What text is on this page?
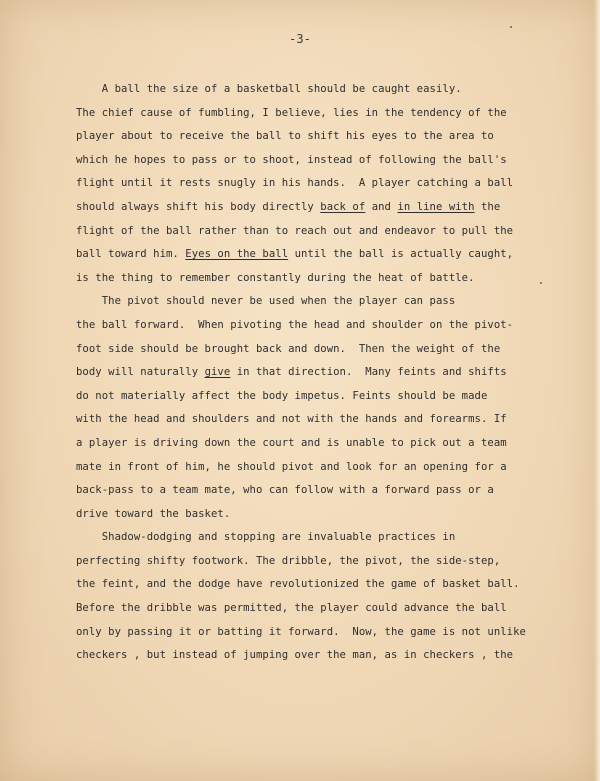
-3-
A ball the size of a basketball should be caught easily.
The chief cause of fumbling, I believe, lies in the tendency of the
player about to receive the ball to shift his eyes to the area to
which he hopes to pass or to shoot, instead of following the ball's
flight until it rests snugly in his hands.  A player catching a ball
should always shift his body directly back of and in line with the
flight of the ball rather than to reach out and endeavor to pull the
ball toward him. Eyes on the ball until the ball is actually caught,
is the thing to remember constantly during the heat of battle.
The pivot should never be used when the player can pass
the ball forward.  When pivoting the head and shoulder on the pivot-
foot side should be brought back and down.  Then the weight of the
body will naturally give in that direction.  Many feints and shifts
do not materially affect the body impetus. Feints should be made
with the head and shoulders and not with the hands and forearms. If
a player is driving down the court and is unable to pick out a team
mate in front of him, he should pivot and look for an opening for a
back-pass to a team mate, who can follow with a forward pass or a
drive toward the basket.
Shadow-dodging and stopping are invaluable practices in
perfecting shifty footwork. The dribble, the pivot, the side-step,
the feint, and the dodge have revolutionized the game of basket ball.
Before the dribble was permitted, the player could advance the ball
only by passing it or batting it forward.  Now, the game is not unlike
checkers , but instead of jumping over the man, as in checkers , the
